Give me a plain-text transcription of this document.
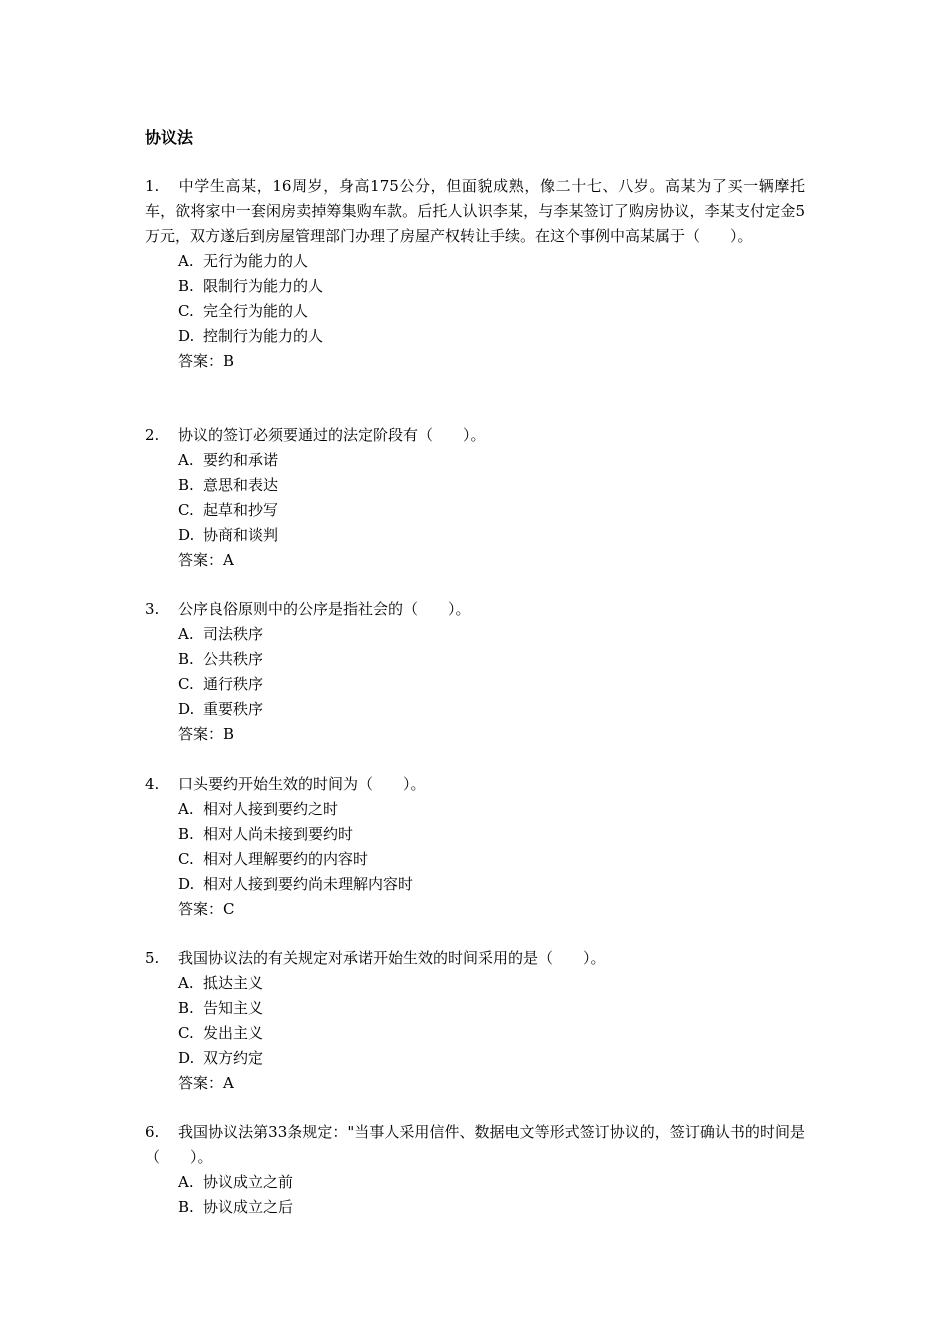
协议法

1. 中学生高某，16周岁，身高175公分，但面貌成熟，像二十七、八岁。高某为了买一辆摩托车，欲将家中一套闲房卖掉筹集购车款。后托人认识李某，与李某签订了购房协议，李某支付定金5万元，双方遂后到房屋管理部门办理了房屋产权转让手续。在这个事例中高某属于（　　）。

A. 无行为能力的人
B. 限制行为能力的人
C. 完全行为能的人
D. 控制行为能力的人
答案：B

2. 协议的签订必须要通过的法定阶段有（　　）。

A. 要约和承诺
B. 意思和表达
C. 起草和抄写
D. 协商和谈判
答案：A

3. 公序良俗原则中的公序是指社会的（　　）。

A. 司法秩序
B. 公共秩序
C. 通行秩序
D. 重要秩序
答案：B

4. 口头要约开始生效的时间为（　　）。

A. 相对人接到要约之时
B. 相对人尚未接到要约时
C. 相对人理解要约的内容时
D. 相对人接到要约尚未理解内容时
答案：C

5. 我国协议法的有关规定对承诺开始生效的时间采用的是（　　）。

A. 抵达主义
B. 告知主义
C. 发出主义
D. 双方约定
答案：A

6. 我国协议法第33条规定："当事人采用信件、数据电文等形式签订协议的，签订确认书的时间是（　　）。

A. 协议成立之前
B. 协议成立之后
